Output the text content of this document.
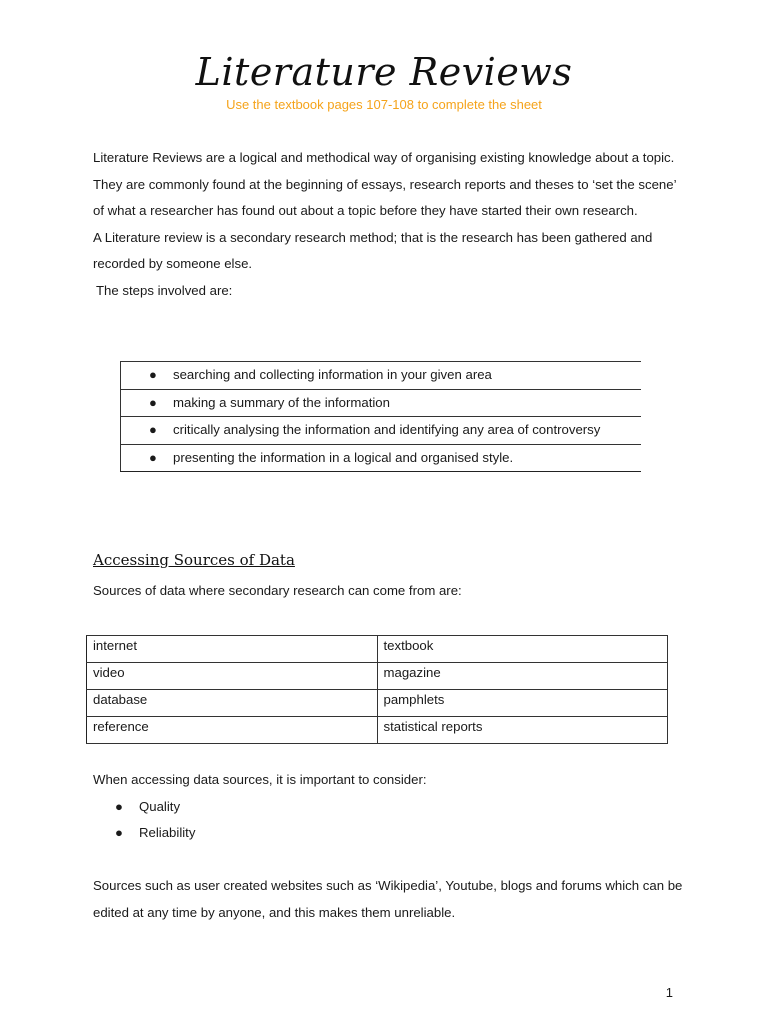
Literature Reviews
Use the textbook pages 107-108 to complete the sheet

Literature Reviews are a logical and methodical way of organising existing knowledge about a topic. They are commonly found at the beginning of essays, research reports and theses to ‘set the scene’ of what a researcher has found out about a topic before they have started their own research.

A Literature review is a secondary research method; that is the research has been gathered and recorded by someone else.

The steps involved are:

●	searching and collecting information in your given area

●	making a summary of the information

●	critically analysing the information and identifying any area of controversy

●	presenting the information in a logical and organised style.
Accessing Sources of Data

Sources of data where secondary research can come from are:

internet	textbook
video	magazine
database	pamphlets
reference	statistical reports

When accessing data sources, it is important to consider:

●	Quality
●	Reliability

Sources such as user created websites such as ‘Wikipedia’, Youtube, blogs and forums which can be edited at any time by anyone, and this makes them unreliable.

1
